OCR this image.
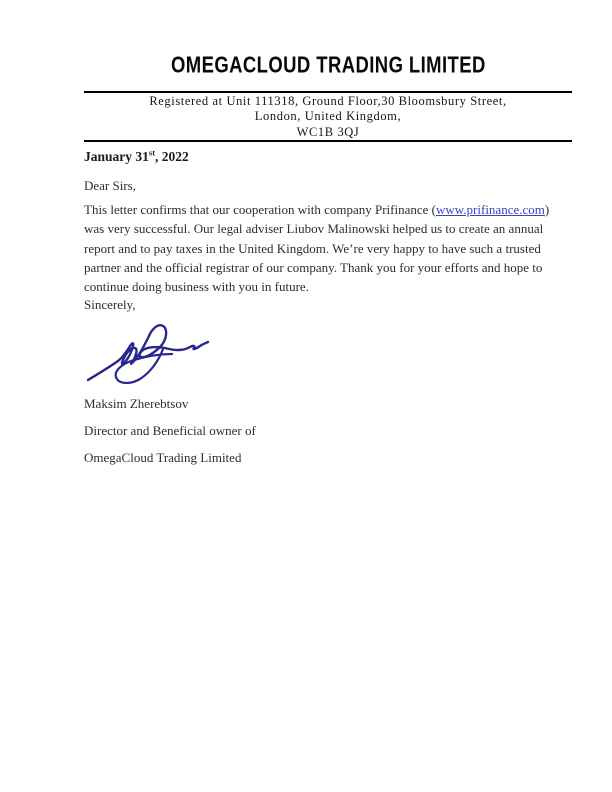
OMEGACLOUD TRADING LIMITED
Registered at Unit 111318, Ground Floor,30 Bloomsbury Street,
London, United Kingdom,
WC1B 3QJ
January 31st, 2022
Dear Sirs,

This letter confirms that our cooperation with company Prifinance (www.prifinance.com) was very successful. Our legal adviser Liubov Malinowski helped us to create an annual report and to pay taxes in the United Kingdom. We’re very happy to have such a trusted partner and the official registrar of our company. Thank you for your efforts and hope to continue doing business with you in future.

Sincerely,
Maksim Zherebtsov
Director and Beneficial owner of
OmegaCloud Trading Limited
